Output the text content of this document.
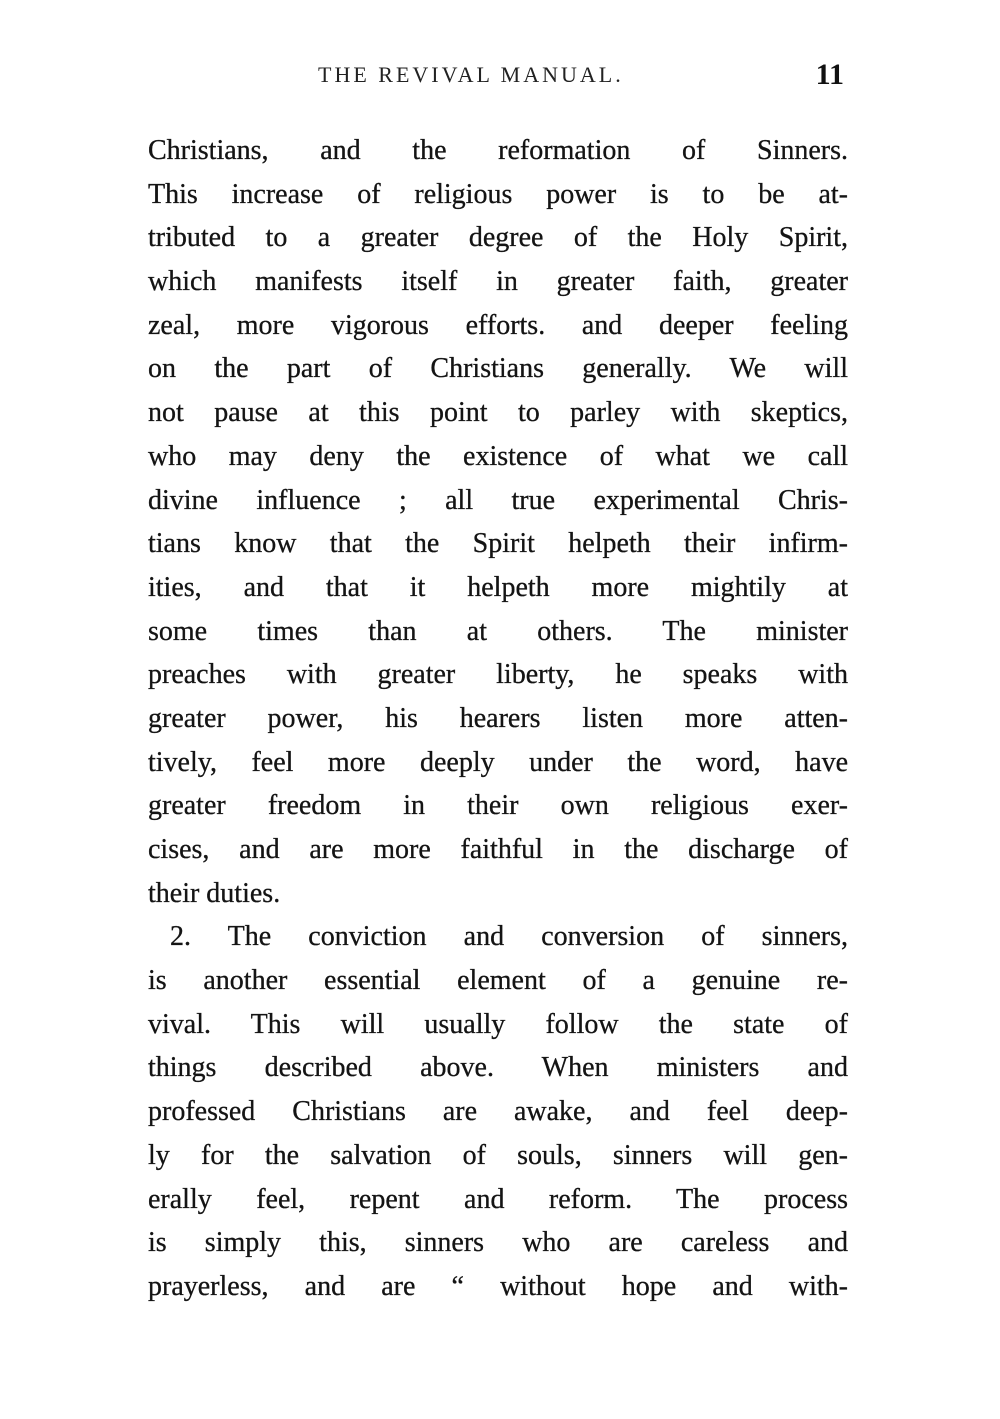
THE REVIVAL MANUAL.	11
Christians, and the reformation of Sinners.
This increase of religious power is to be at-
tributed to a greater degree of the Holy Spirit,
which manifests itself in greater faith, greater
zeal, more vigorous efforts. and deeper feeling
on the part of Christians generally. We will
not pause at this point to parley with skeptics,
who may deny the existence of what we call
divine influence ; all true experimental Chris-
tians know that the Spirit helpeth their infirm-
ities, and that it helpeth more mightily at
some times than at others. The minister
preaches with greater liberty, he speaks with
greater power, his hearers listen more atten-
tively, feel more deeply under the word, have
greater freedom in their own religious exer-
cises, and are more faithful in the discharge of
their duties.
2. The conviction and conversion of sinners,
is another essential element of a genuine re-
vival. This will usually follow the state of
things described above. When ministers and
professed Christians are awake, and feel deep-
ly for the salvation of souls, sinners will gen-
erally feel, repent and reform. The process
is simply this, sinners who are careless and
prayerless, and are “ without hope and with-
